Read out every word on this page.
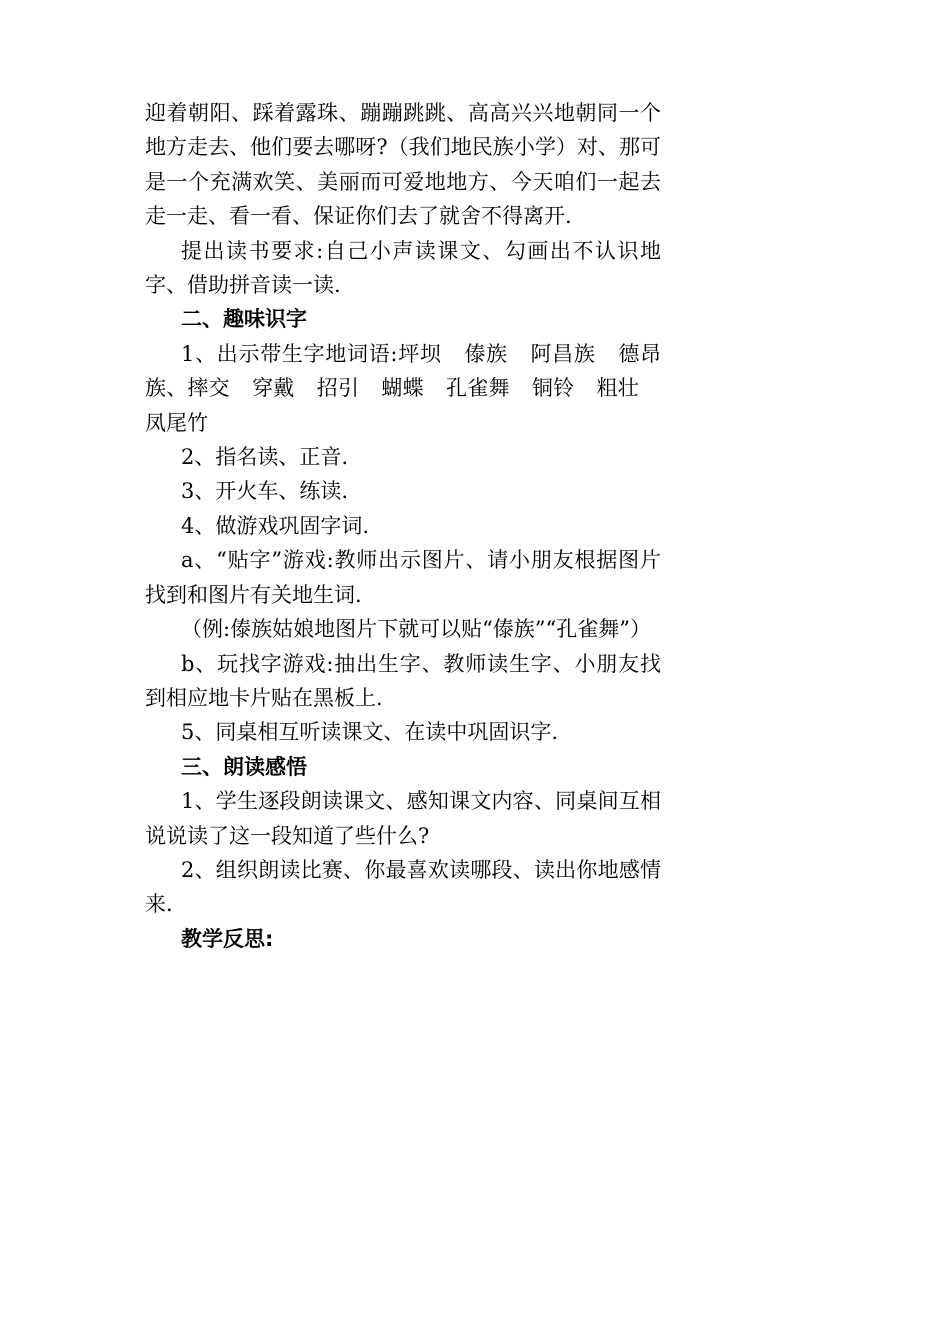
迎着朝阳、踩着露珠、蹦蹦跳跳、高高兴兴地朝同一个地方走去、他们要去哪呀?（我们地民族小学）对、那可是一个充满欢笑、美丽而可爱地地方、今天咱们一起去走一走、看一看、保证你们去了就舍不得离开.

提出读书要求:自己小声读课文、勾画出不认识地字、借助拼音读一读.

二、趣味识字

1、出示带生字地词语:坪坝 傣族 阿昌族 德昂族、摔交 穿戴 招引 蝴蝶 孔雀舞 铜铃 粗壮凤尾竹

2、指名读、正音.

3、开火车、练读.

4、做游戏巩固字词.

a、“贴字”游戏:教师出示图片、请小朋友根据图片找到和图片有关地生词.

（例:傣族姑娘地图片下就可以贴“傣族”“孔雀舞”）

b、玩找字游戏:抽出生字、教师读生字、小朋友找到相应地卡片贴在黑板上.

5、同桌相互听读课文、在读中巩固识字.

三、朗读感悟

1、学生逐段朗读课文、感知课文内容、同桌间互相说说读了这一段知道了些什么?

2、组织朗读比赛、你最喜欢读哪段、读出你地感情来.

教学反思:
